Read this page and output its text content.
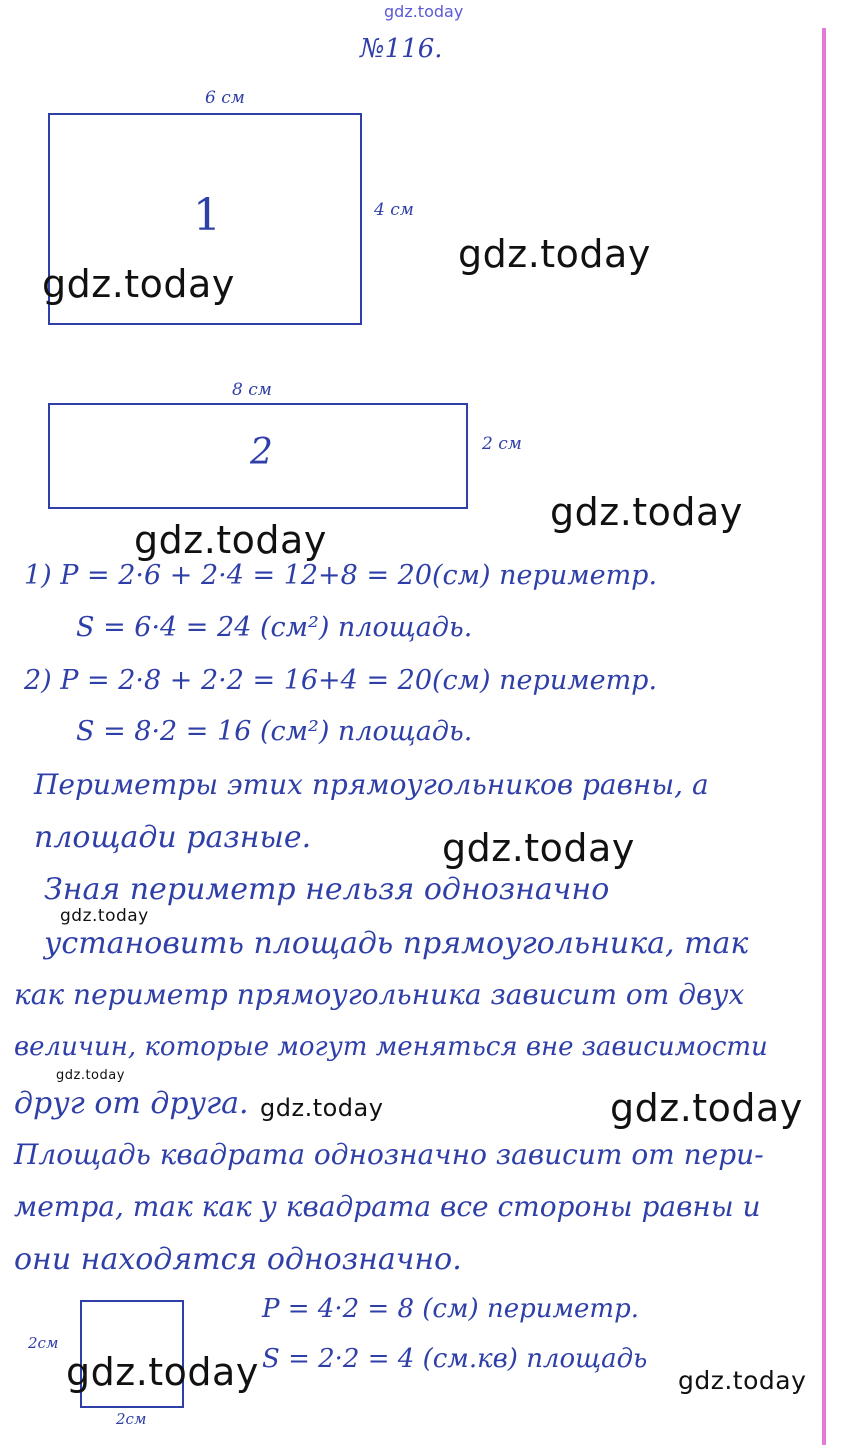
gdz.today
№116.
6 см
1	4 см
8 см
2	2 см
1) P = 2·6 + 2·4 = 12+8 = 20(см) периметр.
S = 6·4 = 24 (см²) площадь.
2) P = 2·8 + 2·2 = 16+4 = 20(см) периметр.
S = 8·2 = 16 (см²) площадь.
Периметры этих прямоугольников равны, а
площади разные.
Зная периметр нельзя однозначно
установить площадь прямоугольника, так
как периметр прямоугольника зависит от двух
величин, которые могут меняться вне зависимости
друг от друга.
Площадь квадрата однозначно зависит от пери-
метра, так как у квадрата все стороны равны и
они находятся однозначно.
2см
2см
P = 4·2 = 8 (см) периметр.
S = 2·2 = 4 (см.кв) площадь
gdz.today
gdz.today
gdz.today
gdz.today
gdz.today
gdz.today
gdz.today
gdz.today	gdz.today
gdz.today	gdz.today
